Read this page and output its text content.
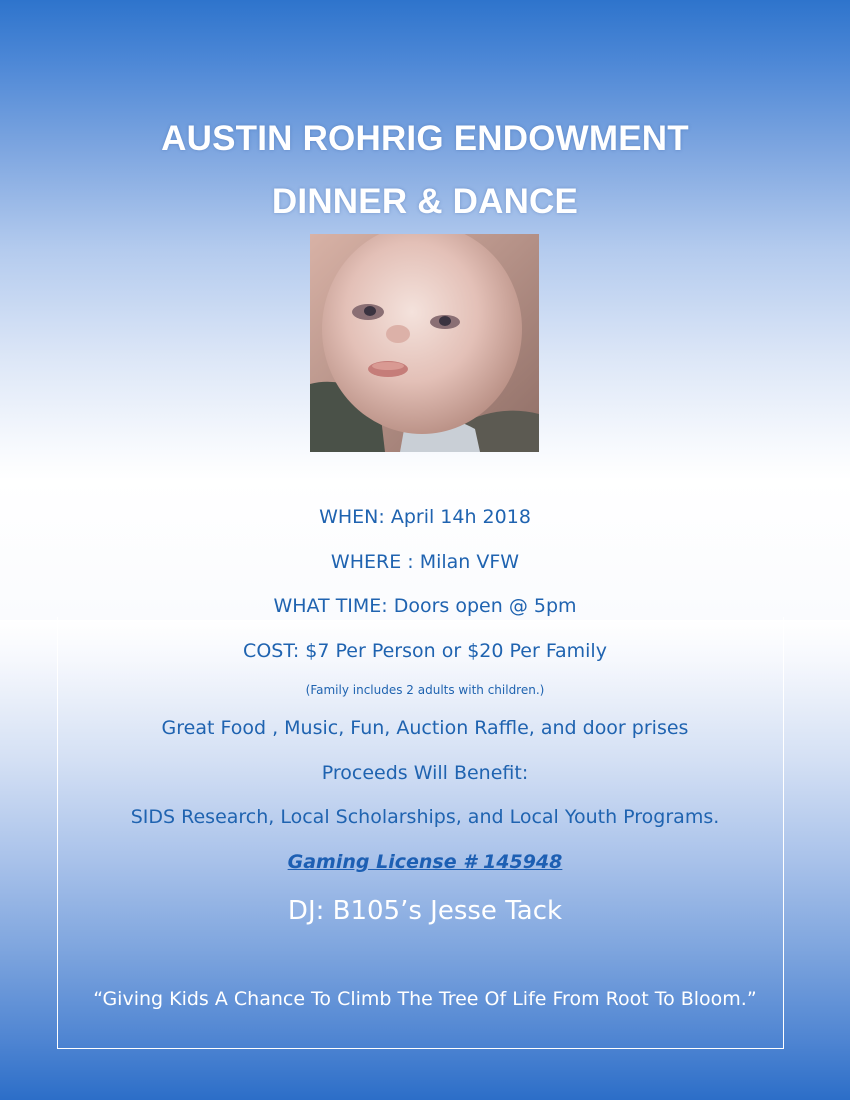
AUSTIN ROHRIG ENDOWMENT
DINNER & DANCE
WHEN: April 14h 2018
WHERE : Milan VFW
WHAT TIME: Doors open @ 5pm
COST: $7 Per Person or $20 Per Family
(Family includes 2 adults with children.)
Great Food , Music, Fun, Auction Raffle, and door prises
Proceeds Will Benefit:
SIDS Research, Local Scholarships, and Local Youth Programs.
Gaming License # 145948
DJ: B105’s Jesse Tack
“Giving Kids A Chance To Climb The Tree Of Life From Root To Bloom.”
